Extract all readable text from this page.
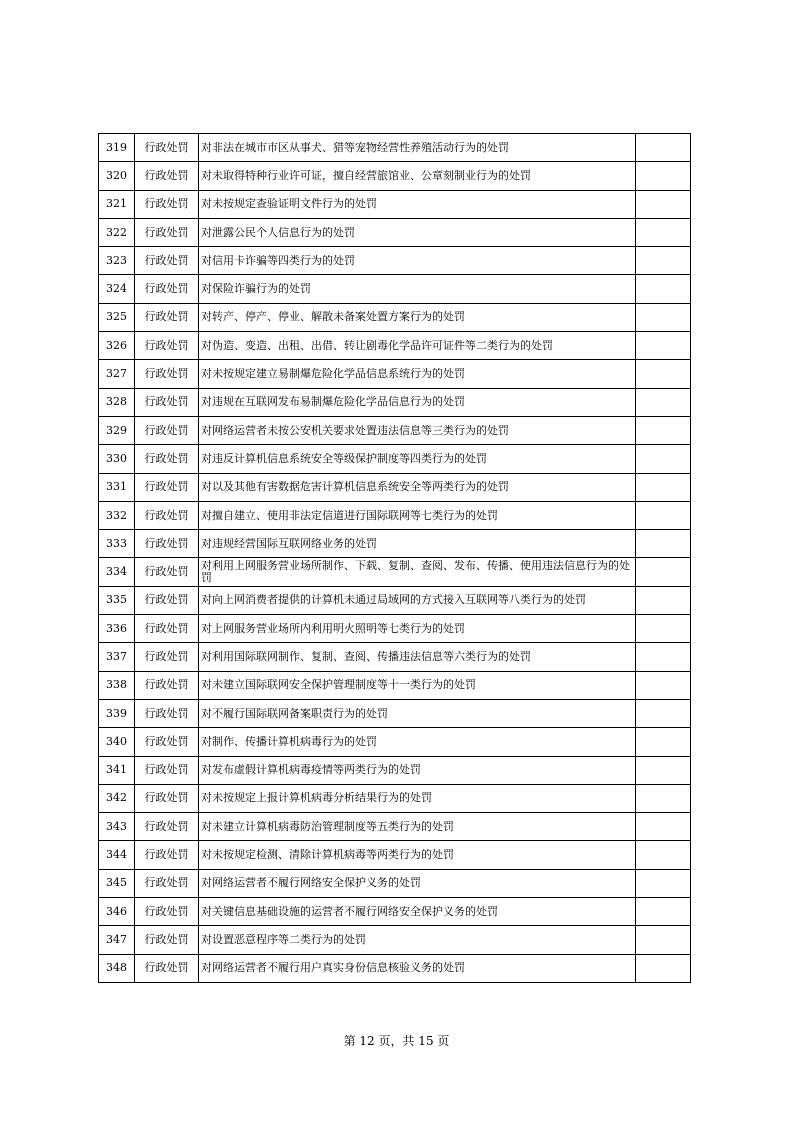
319	行政处罚	对非法在城市市区从事犬、猎等宠物经营性养殖活动行为的处罚	

320	行政处罚	对未取得特种行业许可证，擅自经营旅馆业、公章刻制业行为的处罚	

321	行政处罚	对未按规定查验证明文件行为的处罚	

322	行政处罚	对泄露公民个人信息行为的处罚	

323	行政处罚	对信用卡诈骗等四类行为的处罚	

324	行政处罚	对保险诈骗行为的处罚	

325	行政处罚	对转产、停产、停业、解散未备案处置方案行为的处罚	

326	行政处罚	对伪造、变造、出租、出借、转让剧毒化学品许可证件等二类行为的处罚	

327	行政处罚	对未按规定建立易制爆危险化学品信息系统行为的处罚	

328	行政处罚	对违规在互联网发布易制爆危险化学品信息行为的处罚	

329	行政处罚	对网络运营者未按公安机关要求处置违法信息等三类行为的处罚	

330	行政处罚	对违反计算机信息系统安全等级保护制度等四类行为的处罚	

331	行政处罚	对以及其他有害数据危害计算机信息系统安全等两类行为的处罚	

332	行政处罚	对擅自建立、使用非法定信道进行国际联网等七类行为的处罚	

333	行政处罚	对违规经营国际互联网络业务的处罚	

334	行政处罚	对利用上网服务营业场所制作、下载、复制、查阅、发布、传播、使用违法信息行为的处罚	

335	行政处罚	对向上网消费者提供的计算机未通过局域网的方式接入互联网等八类行为的处罚	

336	行政处罚	对上网服务营业场所内利用明火照明等七类行为的处罚	

337	行政处罚	对利用国际联网制作、复制、查阅、传播违法信息等六类行为的处罚	

338	行政处罚	对未建立国际联网安全保护管理制度等十一类行为的处罚	

339	行政处罚	对不履行国际联网备案职责行为的处罚	

340	行政处罚	对制作、传播计算机病毒行为的处罚	

341	行政处罚	对发布虚假计算机病毒疫情等两类行为的处罚	

342	行政处罚	对未按规定上报计算机病毒分析结果行为的处罚	

343	行政处罚	对未建立计算机病毒防治管理制度等五类行为的处罚	

344	行政处罚	对未按规定检测、清除计算机病毒等两类行为的处罚	

345	行政处罚	对网络运营者不履行网络安全保护义务的处罚	

346	行政处罚	对关键信息基础设施的运营者不履行网络安全保护义务的处罚	

347	行政处罚	对设置恶意程序等二类行为的处罚	

348	行政处罚	对网络运营者不履行用户真实身份信息核验义务的处罚	

第 12 页，共 15 页
